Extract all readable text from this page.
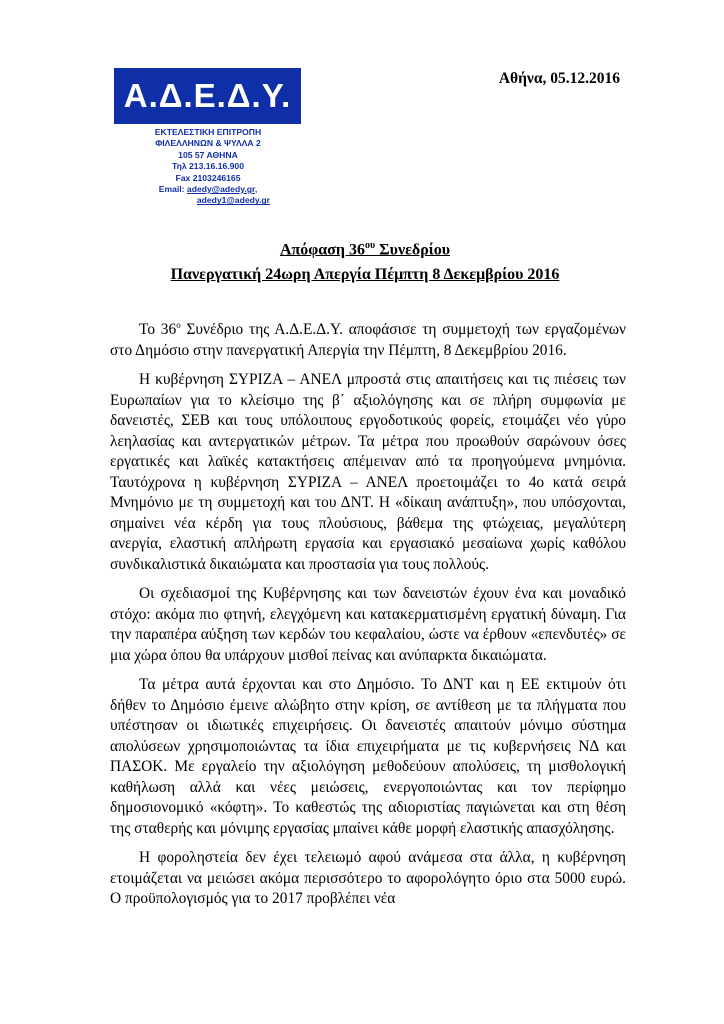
Α.Δ.Ε.Δ.Υ.
ΕΚΤΕΛΕΣΤΙΚΗ ΕΠΙΤΡΟΠΗ
ΦΙΛΕΛΛΗΝΩΝ & ΨΥΛΛΑ 2
105 57 ΑΘΗΝΑ
Τηλ 213.16.16.900
Fax 2103246165
Email: adedy@adedy.gr,
adedy1@adedy.gr
Αθήνα, 05.12.2016
Απόφαση $36^{o\upsilon}$ Συνεδρίου
Πανεργατική 24ωρη Απεργία Πέμπτη 8 Δεκεμβρίου 2016

Το $36^o$ Συνέδριο της Α.Δ.Ε.Δ.Υ. αποφάσισε τη συμμετοχή των εργαζομένων στο Δημόσιο στην πανεργατική Απεργία την Πέμπτη, 8 Δεκεμβρίου 2016.

Η κυβέρνηση ΣΥΡΙΖΑ – ΑΝΕΛ μπροστά στις απαιτήσεις και τις πιέσεις των Ευρωπαίων για το κλείσιμο της β΄ αξιολόγησης και σε πλήρη συμφωνία με δανειστές, ΣΕΒ και τους υπόλοιπους εργοδοτικούς φορείς, ετοιμάζει νέο γύρο λεηλασίας και αντεργατικών μέτρων. Τα μέτρα που προωθούν σαρώνουν όσες εργατικές και λαϊκές κατακτήσεις απέμειναν από τα προηγούμενα μνημόνια. Ταυτόχρονα η κυβέρνηση ΣΥΡΙΖΑ – ΑΝΕΛ προετοιμάζει το 4ο κατά σειρά Μνημόνιο με τη συμμετοχή και του ΔΝΤ. Η «δίκαιη ανάπτυξη», που υπόσχονται, σημαίνει νέα κέρδη για τους πλούσιους, βάθεμα της φτώχειας, μεγαλύτερη ανεργία, ελαστική απλήρωτη εργασία και εργασιακό μεσαίωνα χωρίς καθόλου συνδικαλιστικά δικαιώματα και προστασία για τους πολλούς.

Οι σχεδιασμοί της Κυβέρνησης και των δανειστών έχουν ένα και μοναδικό στόχο: ακόμα πιο φτηνή, ελεγχόμενη και κατακερματισμένη εργατική δύναμη. Για την παραπέρα αύξηση των κερδών του κεφαλαίου, ώστε να έρθουν «επενδυτές» σε μια χώρα όπου θα υπάρχουν μισθοί πείνας και ανύπαρκτα δικαιώματα.

Τα μέτρα αυτά έρχονται και στο Δημόσιο. Το ΔΝΤ και η ΕΕ εκτιμούν ότι δήθεν το Δημόσιο έμεινε αλώβητο στην κρίση, σε αντίθεση με τα πλήγματα που υπέστησαν οι ιδιωτικές επιχειρήσεις. Οι δανειστές απαιτούν μόνιμο σύστημα απολύσεων χρησιμοποιώντας τα ίδια επιχειρήματα με τις κυβερνήσεις ΝΔ και ΠΑΣΟΚ. Με εργαλείο την αξιολόγηση μεθοδεύουν απολύσεις, τη μισθολογική καθήλωση αλλά και νέες μειώσεις, ενεργοποιώντας και τον περίφημο δημοσιονομικό «κόφτη». Το καθεστώς της αδιοριστίας παγιώνεται και στη θέση της σταθερής και μόνιμης εργασίας μπαίνει κάθε μορφή ελαστικής απασχόλησης.

Η φοροληστεία δεν έχει τελειωμό αφού ανάμεσα στα άλλα, η κυβέρνηση ετοιμάζεται να μειώσει ακόμα περισσότερο το αφορολόγητο όριο στα 5000 ευρώ. Ο προϋπολογισμός για το 2017 προβλέπει νέα
